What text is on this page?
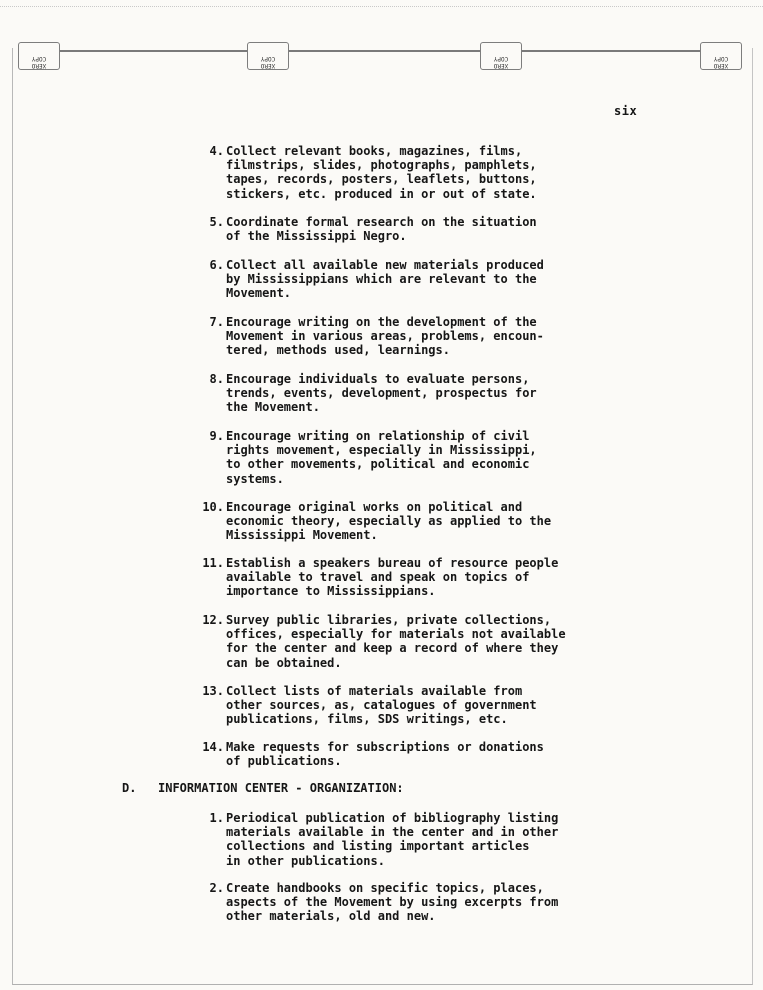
XERO
COPY
XERO
COPY
XERO
COPY
XERO
COPY

six

4. Collect relevant books, magazines, films,
filmstrips, slides, photographs, pamphlets,
tapes, records, posters, leaflets, buttons,
stickers, etc. produced in or out of state.
5. Coordinate formal research on the situation
of the Mississippi Negro.
6. Collect all available new materials produced
by Mississippians which are relevant to the
Movement.
7. Encourage writing on the development of the
Movement in various areas, problems, encoun-
tered, methods used, learnings.
8. Encourage individuals to evaluate persons,
trends, events, development, prospectus for
the Movement.
9. Encourage writing on relationship of civil
rights movement, especially in Mississippi,
to other movements, political and economic
systems.
10. Encourage original works on political and
economic theory, especially as applied to the
Mississippi Movement.
11. Establish a speakers bureau of resource people
available to travel and speak on topics of
importance to Mississippians.
12. Survey public libraries, private collections,
offices, especially for materials not available
for the center and keep a record of where they
can be obtained.
13. Collect lists of materials available from
other sources, as, catalogues of government
publications, films, SDS writings, etc.
14. Make requests for subscriptions or donations
of publications.
D. INFORMATION CENTER - ORGANIZATION:
1. Periodical publication of bibliography listing
materials available in the center and in other
collections and listing important articles
in other publications.
2. Create handbooks on specific topics, places,
aspects of the Movement by using excerpts from
other materials, old and new.
